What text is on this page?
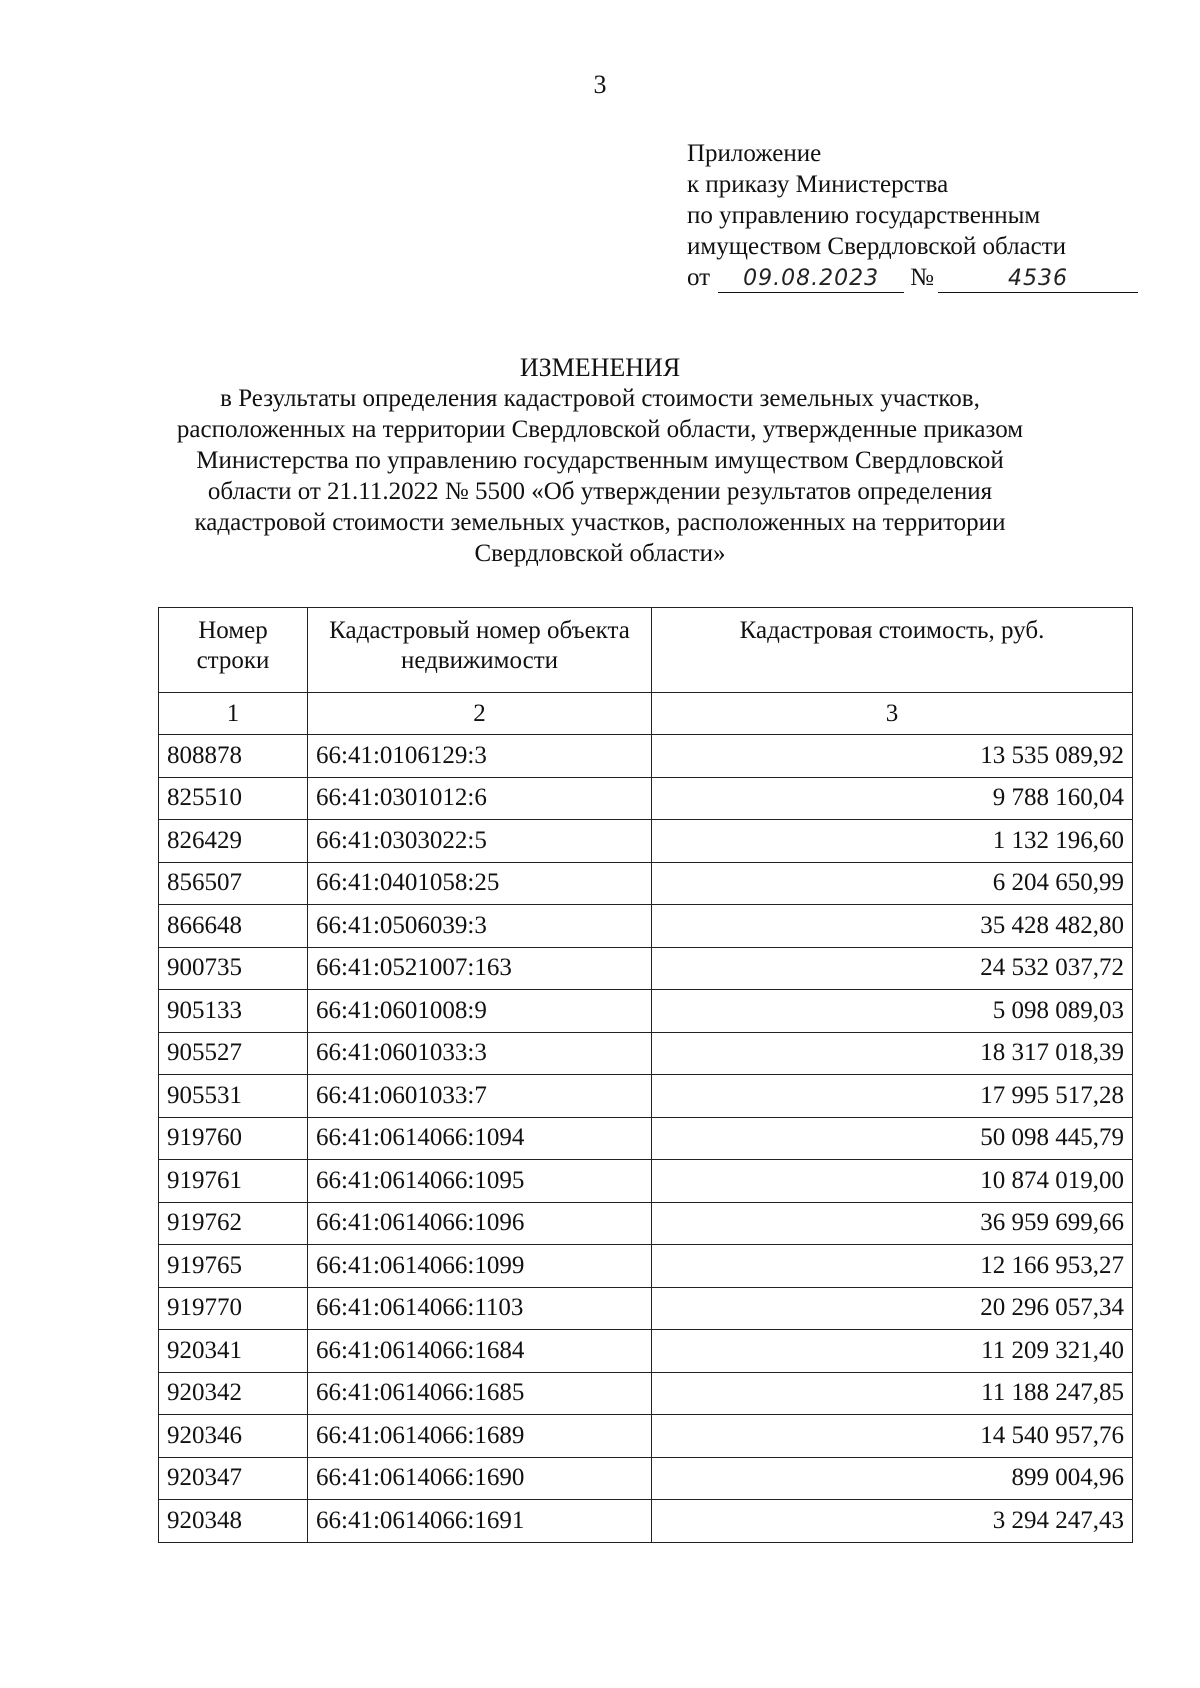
3
Приложение
к приказу Министерства
по управлению государственным
имуществом Свердловской области
от	09.08.2023	№	4536
ИЗМЕНЕНИЯ
в Результаты определения кадастровой стоимости земельных участков,
расположенных на территории Свердловской области, утвержденные приказом
Министерства по управлению государственным имуществом Свердловской
области от 21.11.2022 № 5500 «Об утверждении результатов определения
кадастровой стоимости земельных участков, расположенных на территории
Свердловской области»
Номер строки	Кадастровый номер объекта недвижимости	Кадастровая стоимость, руб.
1	2	3
808878	66:41:0106129:3	13 535 089,92
825510	66:41:0301012:6	9 788 160,04
826429	66:41:0303022:5	1 132 196,60
856507	66:41:0401058:25	6 204 650,99
866648	66:41:0506039:3	35 428 482,80
900735	66:41:0521007:163	24 532 037,72
905133	66:41:0601008:9	5 098 089,03
905527	66:41:0601033:3	18 317 018,39
905531	66:41:0601033:7	17 995 517,28
919760	66:41:0614066:1094	50 098 445,79
919761	66:41:0614066:1095	10 874 019,00
919762	66:41:0614066:1096	36 959 699,66
919765	66:41:0614066:1099	12 166 953,27
919770	66:41:0614066:1103	20 296 057,34
920341	66:41:0614066:1684	11 209 321,40
920342	66:41:0614066:1685	11 188 247,85
920346	66:41:0614066:1689	14 540 957,76
920347	66:41:0614066:1690	899 004,96
920348	66:41:0614066:1691	3 294 247,43
